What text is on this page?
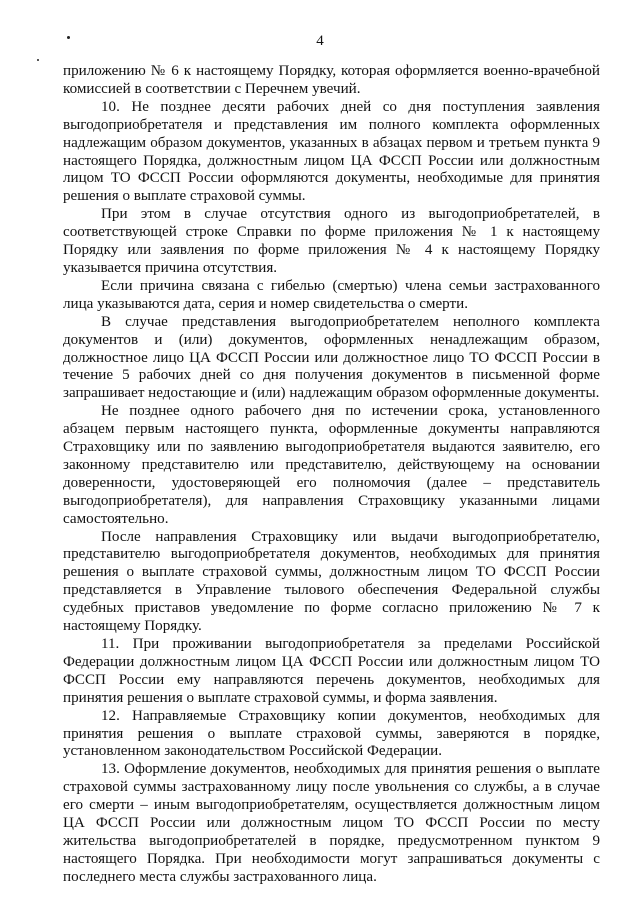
4

приложению № 6 к настоящему Порядку, которая оформляется военно-врачебной комиссией в соответствии с Перечнем увечий.

10. Не позднее десяти рабочих дней со дня поступления заявления выгодоприобретателя и представления им полного комплекта оформленных надлежащим образом документов, указанных в абзацах первом и третьем пункта 9 настоящего Порядка, должностным лицом ЦА ФССП России или должностным лицом ТО ФССП России оформляются документы, необходимые для принятия решения о выплате страховой суммы.

При этом в случае отсутствия одного из выгодоприобретателей, в соответствующей строке Справки по форме приложения № 1 к настоящему Порядку или заявления по форме приложения № 4 к настоящему Порядку указывается причина отсутствия.

Если причина связана с гибелью (смертью) члена семьи застрахованного лица указываются дата, серия и номер свидетельства о смерти.

В случае представления выгодоприобретателем неполного комплекта документов и (или) документов, оформленных ненадлежащим образом, должностное лицо ЦА ФССП России или должностное лицо ТО ФССП России в течение 5 рабочих дней со дня получения документов в письменной форме запрашивает недостающие и (или) надлежащим образом оформленные документы.

Не позднее одного рабочего дня по истечении срока, установленного абзацем первым настоящего пункта, оформленные документы направляются Страховщику или по заявлению выгодоприобретателя выдаются заявителю, его законному представителю или представителю, действующему на основании доверенности, удостоверяющей его полномочия (далее – представитель выгодоприобретателя), для направления Страховщику указанными лицами самостоятельно.

После направления Страховщику или выдачи выгодоприобретателю, представителю выгодоприобретателя документов, необходимых для принятия решения о выплате страховой суммы, должностным лицом ТО ФССП России представляется в Управление тылового обеспечения Федеральной службы судебных приставов уведомление по форме согласно приложению № 7 к настоящему Порядку.

11. При проживании выгодоприобретателя за пределами Российской Федерации должностным лицом ЦА ФССП России или должностным лицом ТО ФССП России ему направляются перечень документов, необходимых для принятия решения о выплате страховой суммы, и форма заявления.

12. Направляемые Страховщику копии документов, необходимых для принятия решения о выплате страховой суммы, заверяются в порядке, установленном законодательством Российской Федерации.

13. Оформление документов, необходимых для принятия решения о выплате страховой суммы застрахованному лицу после увольнения со службы, а в случае его смерти – иным выгодоприобретателям, осуществляется должностным лицом ЦА ФССП России или должностным лицом ТО ФССП России по месту жительства выгодоприобретателей в порядке, предусмотренном пунктом 9 настоящего Порядка. При необходимости могут запрашиваться документы с последнего места службы застрахованного лица.
